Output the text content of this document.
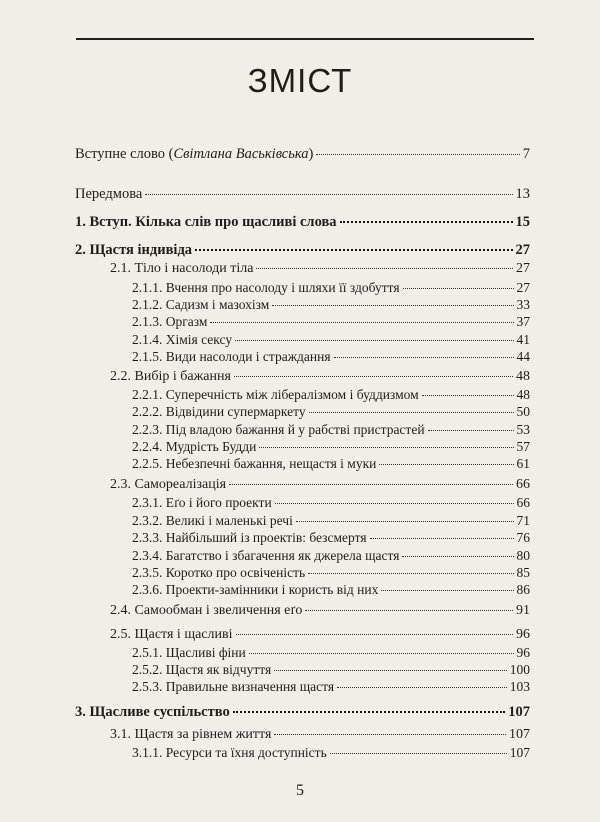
ЗМІСТ
Вступне слово (Світлана Васьківська)	7
Передмова	13
1. Вступ. Кілька слів про щасливі слова	15
2. Щастя індивіда	27
2.1. Тіло і насолоди тіла	27
2.1.1. Вчення про насолоду і шляхи її здобуття	27
2.1.2. Садизм і мазохізм	33
2.1.3. Оргазм	37
2.1.4. Хімія сексу	41
2.1.5. Види насолоди і страждання	44
2.2. Вибір і бажання	48
2.2.1. Суперечність між лібералізмом і буддизмом	48
2.2.2. Відвідини супермаркету	50
2.2.3. Під владою бажання й у рабстві пристрастей	53
2.2.4. Мудрість Будди	57
2.2.5. Небезпечні бажання, нещастя і муки	61
2.3. Самореалізація	66
2.3.1. Еґо і його проекти	66
2.3.2. Великі і маленькі речі	71
2.3.3. Найбільший із проектів: безсмертя	76
2.3.4. Багатство і збагачення як джерела щастя	80
2.3.5. Коротко про освіченість	85
2.3.6. Проекти-замінники і користь від них	86
2.4. Самообман і звеличення еґо	91
2.5. Щастя і щасливі	96
2.5.1. Щасливі фіни	96
2.5.2. Щастя як відчуття	100
2.5.3. Правильне визначення щастя	103
3. Щасливе суспільство	107
3.1. Щастя за рівнем життя	107
3.1.1. Ресурси та їхня доступність	107
5
